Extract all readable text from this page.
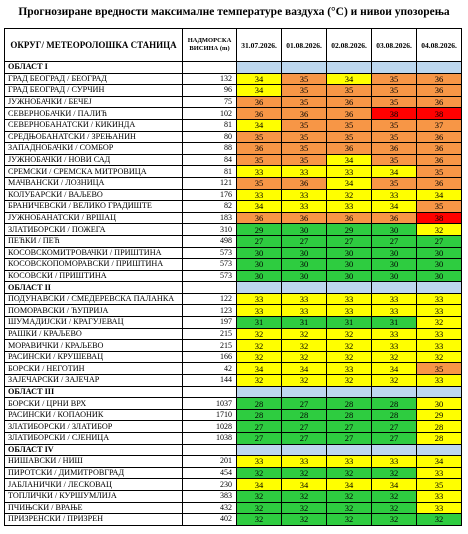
Прогнозиране вредности максималне температуре ваздуха (°C) и нивои упозорења
ОКРУГ/ МЕТЕОРОЛОШКА СТАНИЦА	НАДМОРСКА ВИСИНА (m)	31.07.2026.	01.08.2026.	02.08.2026.	03.08.2026.	04.08.2026.
ОБЛАСТ I						
ГРАД БЕОГРАД / БЕОГРАД	132	34	35	34	35	36
ГРАД БЕОГРАД / СУРЧИН	96	34	35	35	35	36
ЈУЖНОБАЧКИ / БЕЧЕЈ	75	36	35	36	35	36
СЕВЕРНОБАЧКИ / ПАЛИЋ	102	36	36	36	38	38
СЕВЕРНОБАНАТСКИ / КИКИНДА	81	34	35	35	35	37
СРЕДЊОБАНАТСКИ / ЗРЕЊАНИН	80	35	35	35	35	36
ЗАПАДНОБАЧКИ / СОМБОР	88	36	35	36	36	36
ЈУЖНОБАЧКИ / НОВИ САД	84	35	35	34	35	36
СРЕМСКИ / СРЕМСКА МИТРОВИЦА	81	33	33	33	34	35
МАЧВАНСКИ / ЛОЗНИЦА	121	35	36	34	35	36
КОЛУБАРСКИ / ВАЉЕВО	176	33	33	32	33	34
БРАНИЧЕВСКИ / ВЕЛИКО ГРАДИШТЕ	82	34	33	33	34	35
ЈУЖНОБАНАТСКИ / ВРШАЦ	183	36	36	36	36	38
ЗЛАТИБОРСКИ / ПОЖЕГА	310	29	30	29	30	32
ПЕЋКИ / ПЕЋ	498	27	27	27	27	27
КОСОВСКОМИТРОВАЧКИ / ПРИШТИНА	573	30	30	30	30	30
КОСОВСКОПОМОРАВСКИ / ПРИШТИНА	573	30	30	30	30	30
КОСОВСКИ / ПРИШТИНА	573	30	30	30	30	30
ОБЛАСТ II						
ПОДУНАВСКИ / СМЕДЕРЕВСКА ПАЛАНКА	122	33	33	33	33	33
ПОМОРАВСКИ / ЋУПРИЈА	123	33	33	33	33	33
ШУМАДИЈСКИ / КРАГУЈЕВАЦ	197	31	31	31	31	32
РАШКИ / КРАЉЕВО	215	32	32	32	33	33
МОРАВИЧКИ / КРАЉЕВО	215	32	32	32	33	33
РАСИНСКИ / КРУШЕВАЦ	166	32	32	32	32	32
БОРСКИ / НЕГОТИН	42	34	34	33	34	35
ЗАЈЕЧАРСКИ / ЗАЈЕЧАР	144	32	32	32	32	33
ОБЛАСТ III						
БОРСКИ / ЦРНИ ВРХ	1037	28	27	28	28	30
РАСИНСКИ / КОПАОНИК	1710	28	28	28	28	29
ЗЛАТИБОРСКИ / ЗЛАТИБОР	1028	27	27	27	27	28
ЗЛАТИБОРСКИ / СЈЕНИЦА	1038	27	27	27	27	28
ОБЛАСТ IV						
НИШАВСКИ / НИШ	201	33	33	33	33	34
ПИРОТСКИ / ДИМИТРОВГРАД	454	32	32	32	32	33
ЈАБЛАНИЧКИ / ЛЕСКОВАЦ	230	34	34	34	34	35
ТОПЛИЧКИ / КУРШУМЛИЈА	383	32	32	32	32	33
ПЧИЊСКИ / ВРАЊЕ	432	32	32	32	32	33
ПРИЗРЕНСКИ / ПРИЗРЕН	402	32	32	32	32	32
